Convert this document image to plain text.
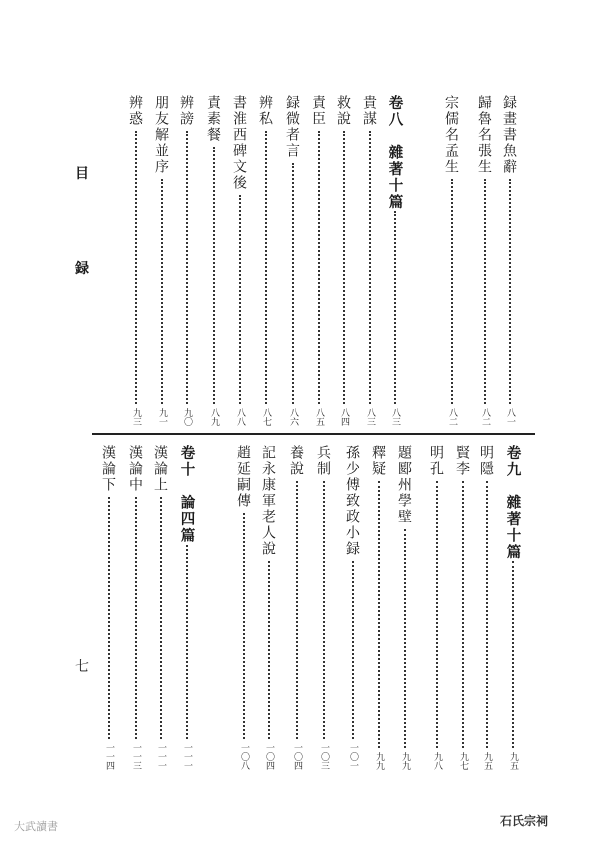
目
録
七
録畫書魚辭
八一
歸魯名張生
八二
宗儒名孟生
八二
卷八　雜著十篇
八三
貴謀
八三
救說
八四
責臣
八五
録微者言
八六
辨私
八七
書淮西碑文後
八八
責素餐
八九
辨謗
九〇
朋友解並序
九一
辨惑
九三
卷九　雜著十篇
九五
明隱
九五
賢李
九七
明孔
九八
題郾州學壁
九九
釋疑
九九
孫少傅致政小録
一〇一
兵制
一〇三
養說
一〇四
記永康軍老人說
一〇四
趙延嗣傳
一〇八
卷十　論四篇
一一一
漢論上
一一一
漢論中
一一三
漢論下
一一四
大武讀書	石氏宗祠
